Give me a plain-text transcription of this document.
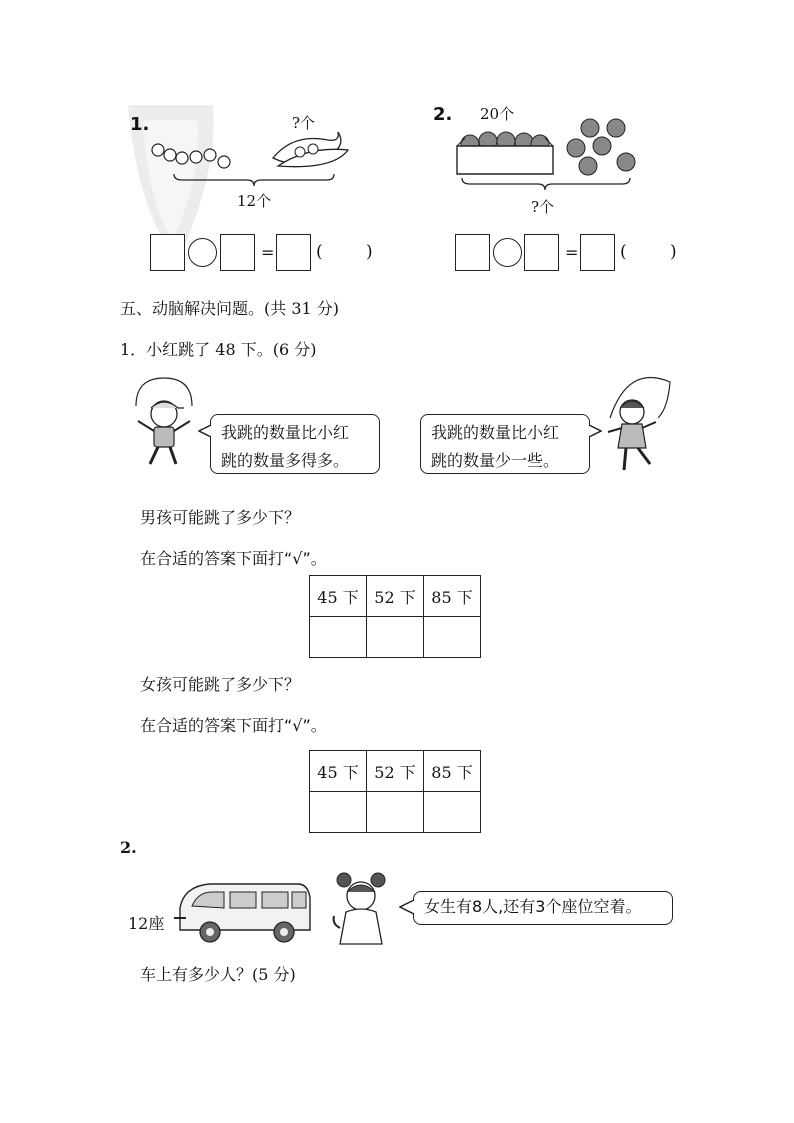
1.	?个
12个
= (	)
2. 20个
?个
= (	)
五、动脑解决问题。(共 31 分)
1．小红跳了 48 下。(6 分)
我跳的数量比小红
跳的数量多得多。
我跳的数量比小红
跳的数量少一些。
男孩可能跳了多少下？
在合适的答案下面打“√”。
45 下	52 下	85 下

女孩可能跳了多少下？
在合适的答案下面打“√”。
45 下	52 下	85 下

2.
12座
女生有8人,还有3个座位空着。
车上有多少人？(5 分)
